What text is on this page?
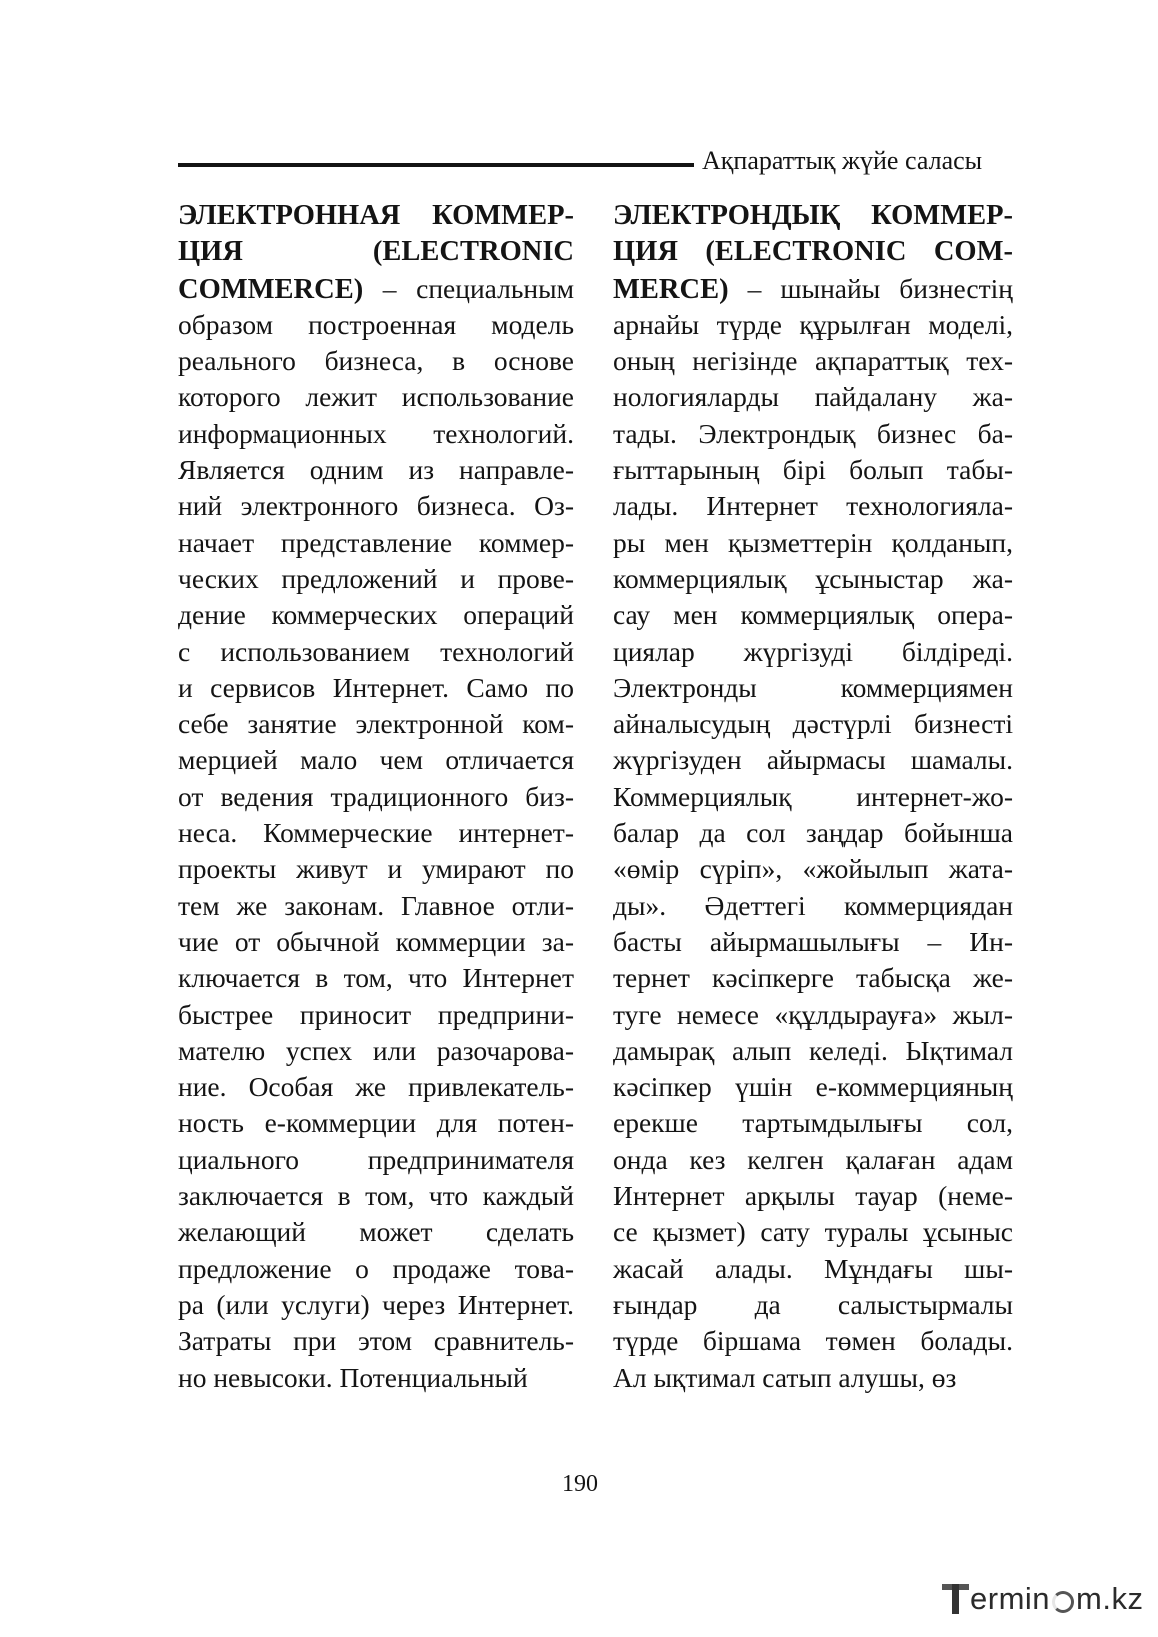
Ақпараттық жүйе саласы
ЭЛЕКТРОННАЯ КОММЕР-
ЦИЯ (ELECTRONIC
COMMERCE) – специальным
образом построенная модель
реального бизнеса, в основе
которого лежит использование
информационных технологий.
Является одним из направле-
ний электронного бизнеса. Оз-
начает представление коммер-
ческих предложений и прове-
дение коммерческих операций
с использованием технологий
и сервисов Интернет. Само по
себе занятие электронной ком-
мерцией мало чем отличается
от ведения традиционного биз-
неса. Коммерческие интернет-
проекты живут и умирают по
тем же законам. Главное отли-
чие от обычной коммерции за-
ключается в том, что Интернет
быстрее приносит предприни-
мателю успех или разочарова-
ние. Особая же привлекатель-
ность е-коммерции для потен-
циального предпринимателя
заключается в том, что каждый
желающий может сделать
предложение о продаже това-
ра (или услуги) через Интернет.
Затраты при этом сравнитель-
но невысоки. Потенциальный
ЭЛЕКТРОНДЫҚ КОММЕР-
ЦИЯ (ELECTRONIC COM-
MERCE) – шынайы бизнестің
арнайы түрде құрылған моделі,
оның негізінде ақпараттық тех-
нологияларды пайдалану жа-
тады. Электрондық бизнес ба-
ғыттарының бірі болып табы-
лады. Интернет технологияла-
ры мен қызметтерін қолданып,
коммерциялық ұсыныстар жа-
сау мен коммерциялық опера-
циялар жүргізуді білдіреді.
Электронды коммерциямен
айналысудың дәстүрлі бизнесті
жүргізуден айырмасы шамалы.
Коммерциялық интернет-жо-
балар да сол заңдар бойынша
«өмір сүріп», «жойылып жата-
ды». Әдеттегі коммерциядан
басты айырмашылығы – Ин-
тернет кәсіпкерге табысқа же-
туге немесе «құлдырауға» жыл-
дамырақ алып келеді. Ықтимал
кәсіпкер үшін е-коммерцияның
ерекше тартымдылығы сол,
онда кез келген қалаған адам
Интернет арқылы тауар (неме-
се қызмет) сату туралы ұсыныс
жасай алады. Мұндағы шы-
ғындар да салыстырмалы
түрде біршама төмен болады.
Ал ықтимал сатып алушы, өз
190
ermin m.kz
